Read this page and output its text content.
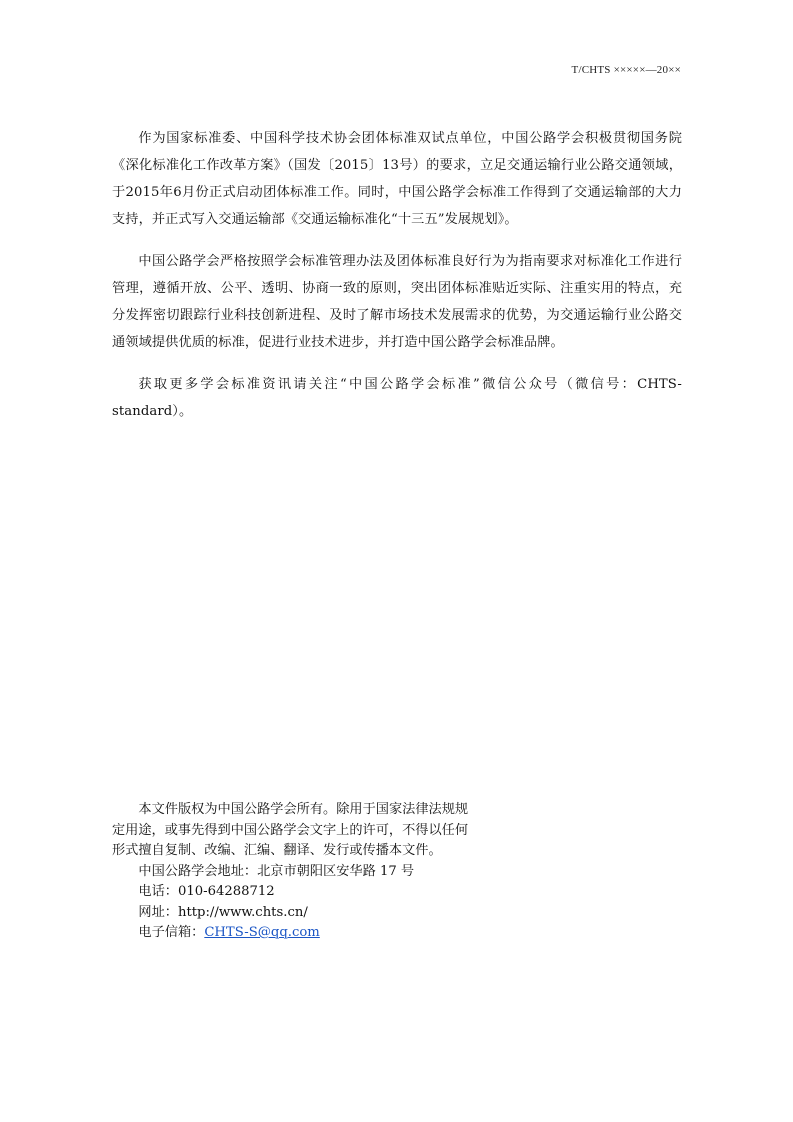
T/CHTS ×××××—20××

作为国家标准委、中国科学技术协会团体标准双试点单位，中国公路学会积极贯彻国务院《深化标准化工作改革方案》（国发〔2015〕13号）的要求，立足交通运输行业公路交通领域，于2015年6月份正式启动团体标准工作。同时，中国公路学会标准工作得到了交通运输部的大力支持，并正式写入交通运输部《交通运输标准化“十三五”发展规划》。

中国公路学会严格按照学会标准管理办法及团体标准良好行为为指南要求对标准化工作进行管理，遵循开放、公平、透明、协商一致的原则，突出团体标准贴近实际、注重实用的特点，充分发挥密切跟踪行业科技创新进程、及时了解市场技术发展需求的优势，为交通运输行业公路交通领域提供优质的标准，促进行业技术进步，并打造中国公路学会标准品牌。

获取更多学会标准资讯请关注“中国公路学会标准”微信公众号（微信号：CHTS-standard）。

本文件版权为中国公路学会所有。除用于国家法律法规规定用途，或事先得到中国公路学会文字上的许可，不得以任何形式擅自复制、改编、汇编、翻译、发行或传播本文件。

中国公路学会地址：北京市朝阳区安华路 17 号

电话：010-64288712

网址：http://www.chts.cn/

电子信箱：CHTS-S@qq.com
